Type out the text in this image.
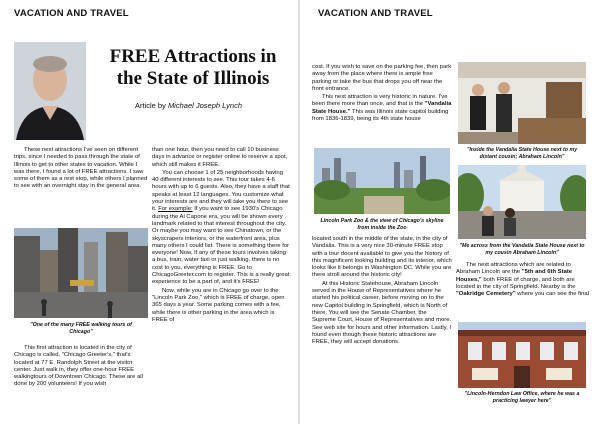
VACATION AND TRAVEL
FREE Attractions in
the State of Illinois
Article by Michael Joseph Lynch

These next attractions I've seen on different trips, since I needed to pass through the state of Illinois to get to other states to vacation. While I was there, I found a lot of FREE attractions. I saw some of them as a rest stop, while others I planned to see with an overnight stay in the general area.

"One of the many FREE walking tours of Chicago"

This first attraction is located in the city of Chicago is called, "Chicago Greeter's," that's located at 77 E. Randolph Street at the visitor center. Just walk in, they offer one-hour FREE walkingtours of Downtown Chicago. These are all done by 200 volunteers! If you wish

than one hour, then you need to call 10 business days in advance or register online to reserve a spot, which still makes it FREE.

You can choose 1 of 25 neighborhoods having 40 different interests to see. This tour takes 4-6 hours with up to 6 guests. Also, they have a staff that speaks at least 12 languages. You customize what your interests are and they will take you there to see it. For example: If you want to see 1930's Chicago during the Al Capone era, you will be shown every landmark related to that interest throughout the city. Or maybe you may want to see Chinatown, or the skyscrapers interiors, or the waterfront area, plus many others I could list. There is something there for everyone! Now, if any of these tours involves taking a bus, train, water taxi or just walking, there is no cost to you, everything is FREE. Go to ChicagoGreeter.com to register. This is a really great experience to be a part of, and it's FREE!

Now, while you are in Chicago go over to the "Lincoln Park Zoo," which is FREE of charge, open 365 days a year. Some parking comes with a fee, while there is other parking in the area which is FREE of

VACATION AND TRAVEL

cost. If you wish to save on the parking fee, then park away from the place where there is ample free parking or take the bus that drops you off near the front entrance.

This next attraction is very historic in nature. I've been there more than once, and that is the "Vandalia State House." This was Illinois state capitol building from 1836-1839, being its 4th state house

Lincoln Park Zoo & the view of Chicago's skyline from inside the Zoo

located south in the middle of the state, in the city of Vandalia. This is a very nice 30-minute FREE stop with a tour docent available to give you the history of this magnificent looking building and its interior, which looks like it belongs in Washington DC. While you are there stroll around the historic city!

At this Historic Statehouse, Abraham Lincoln served in the House of Representatives where he started his political career, before moving on to the new Capitol building in Springfield, which is North of there. You will see the Senate Chamber, the Supreme Court, House of Representatives and more. See web site for hours and other information. Lastly, I found even though these historic attractions are FREE, they will accept donations.

"Inside the Vandalia State House next to my distant cousin; Abraham Lincoln"
"Me across from the Vandalia State House next to my cousin Abraham Lincoln"

The next attractions which are related to Abraham Lincoln are the "5th and 6th State Houses," both FREE of charge, and both are located in the city of Springfield. Nearby is the "Oakridge Cemetery" where you can see the final

"Lincoln-Herndon Law Office, where he was a practicing lawyer here"
